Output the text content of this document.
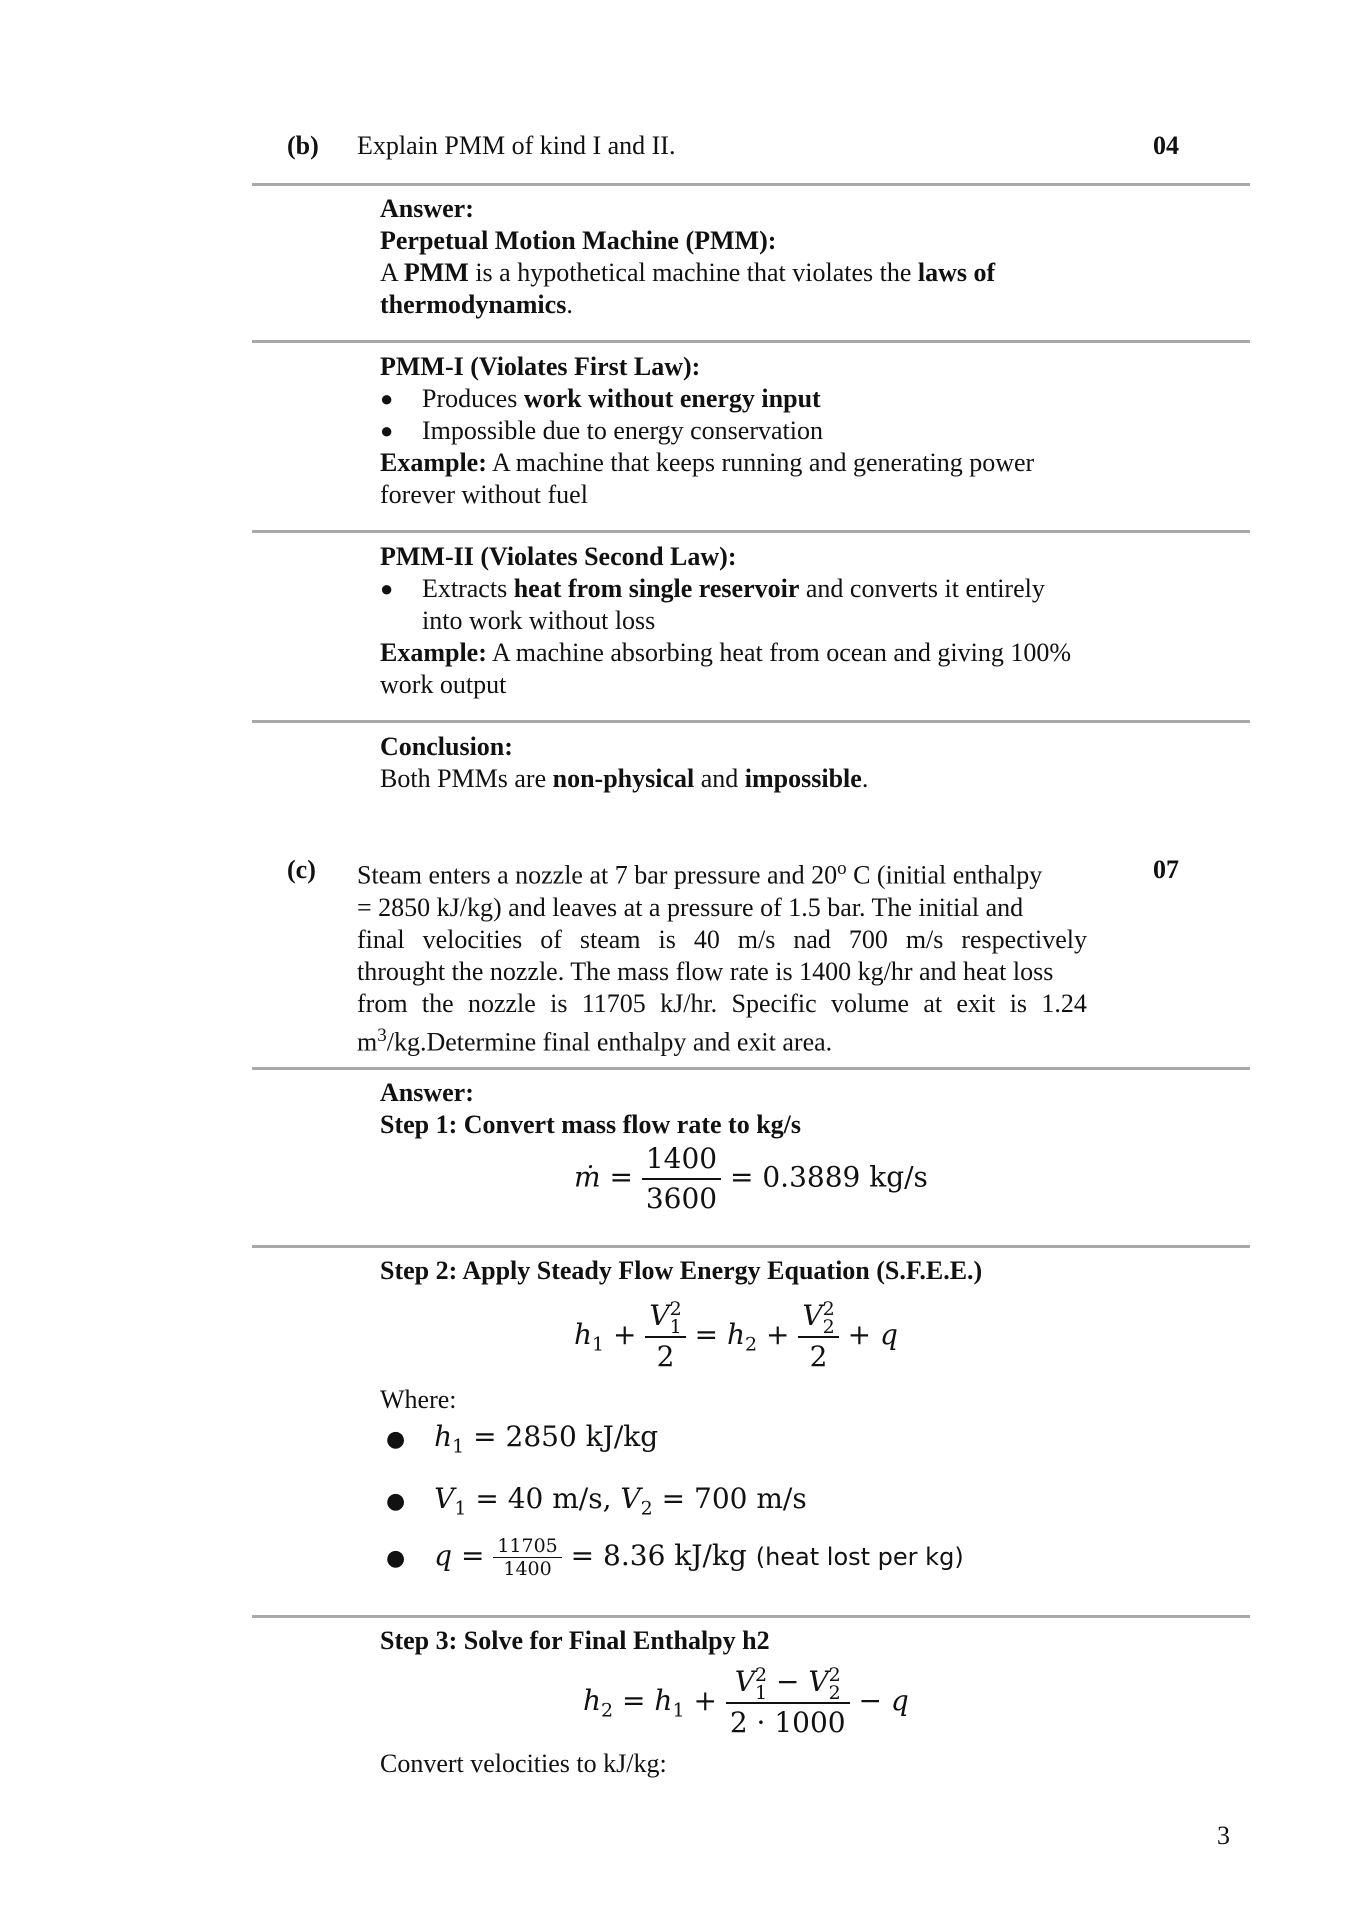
(b) Explain PMM of kind I and II.	04
Answer:
Perpetual Motion Machine (PMM):
A PMM is a hypothetical machine that violates the laws of
thermodynamics.
PMM-I (Violates First Law):
● Produces work without energy input
● Impossible due to energy conservation
Example: A machine that keeps running and generating power
forever without fuel
PMM-II (Violates Second Law):
● Extracts heat from single reservoir and converts it entirely
into work without loss
Example: A machine absorbing heat from ocean and giving 100%
work output
Conclusion:
Both PMMs are non-physical and impossible.
(c)	07
Steam enters a nozzle at 7 bar pressure and 20$^o$ C (initial enthalpy
= 2850 kJ/kg) and leaves at a pressure of 1.5 bar. The initial and
final velocities of steam is 40 m/s nad 700 m/s respectively
throught the nozzle. The mass flow rate is 1400 kg/hr and heat loss
from the nozzle is 11705 kJ/hr. Specific volume at exit is 1.24
$m^3/kg.Determine$ final enthalpy and exit area.
Answer:
Step 1: Convert mass flow rate to kg/s
ṁ = $\frac{1400}{3600} = 0.3889$ kg/s
Step 2: Apply Steady Flow Energy Equation (S.F.E.E.)
$h_1 + V$ 2
1
$2 = h_2 + V$ 2
2
2 + q
Where:
● $h_1 = 2850$ kJ/kg
● $V_1 = 40$ m/s, $V_2 = 700$ m/s
● $q = \frac{11705}{1400} = 8.36$ kJ/kg (heat lost per kg)
Step 3: Solve for Final Enthalpy h2
$h_2 = h_1 + V$ 2
1 − V 2
2
2 · 1000 − q
Convert velocities to kJ/kg:
3
